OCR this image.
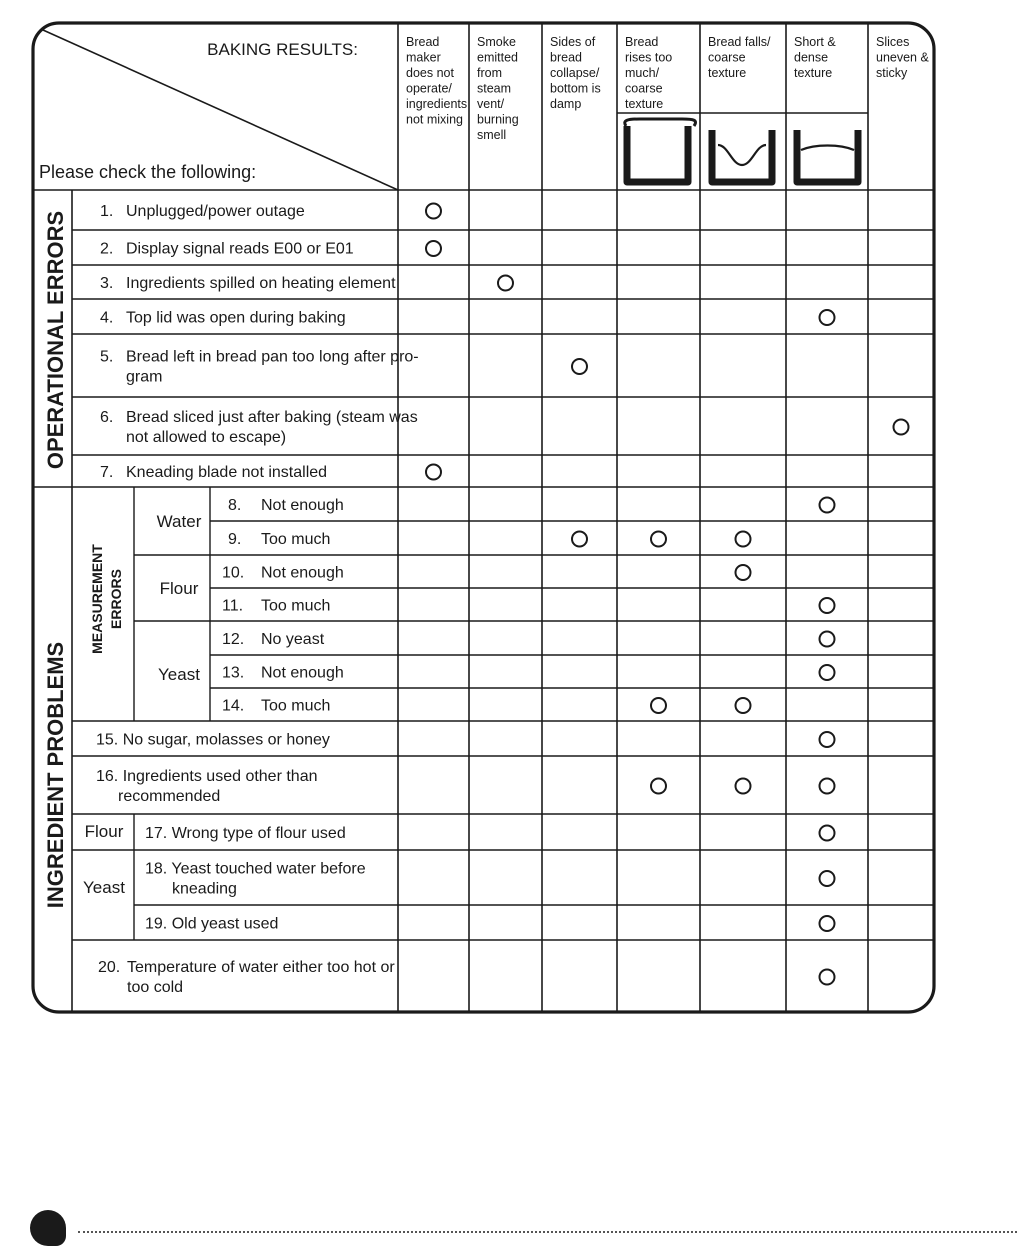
BAKING RESULTS:
Please check the following:
OPERATIONAL ERRORS
INGREDIENT PROBLEMS
MEASUREMENT ERRORS
Water
Flour
Yeast
Flour
Yeast
Bread
maker
does not
operate/
ingredients
not mixing
Smoke
emitted
from
steam
vent/
burning
smell
Sides of
bread
collapse/
bottom is
damp
Bread
rises too
much/
coarse
texture
Bread falls/
coarse
texture
Short &
dense
texture
Slices
uneven &
sticky
1. Unplugged/power outage
2. Display signal reads E00 or E01
3. Ingredients spilled on heating element
4. Top lid was open during baking
5. Bread left in bread pan too long after pro-
gram
6. Bread sliced just after baking (steam was
not allowed to escape)
7. Kneading blade not installed
8. Not enough
9. Too much
10. Not enough
11. Too much
12. No yeast
13. Not enough
14. Too much
15. No sugar, molasses or honey
16. Ingredients used other than
recommended
17. Wrong type of flour used
18. Yeast touched water before
kneading
19. Old yeast used
20. Temperature of water either too hot or
too cold
